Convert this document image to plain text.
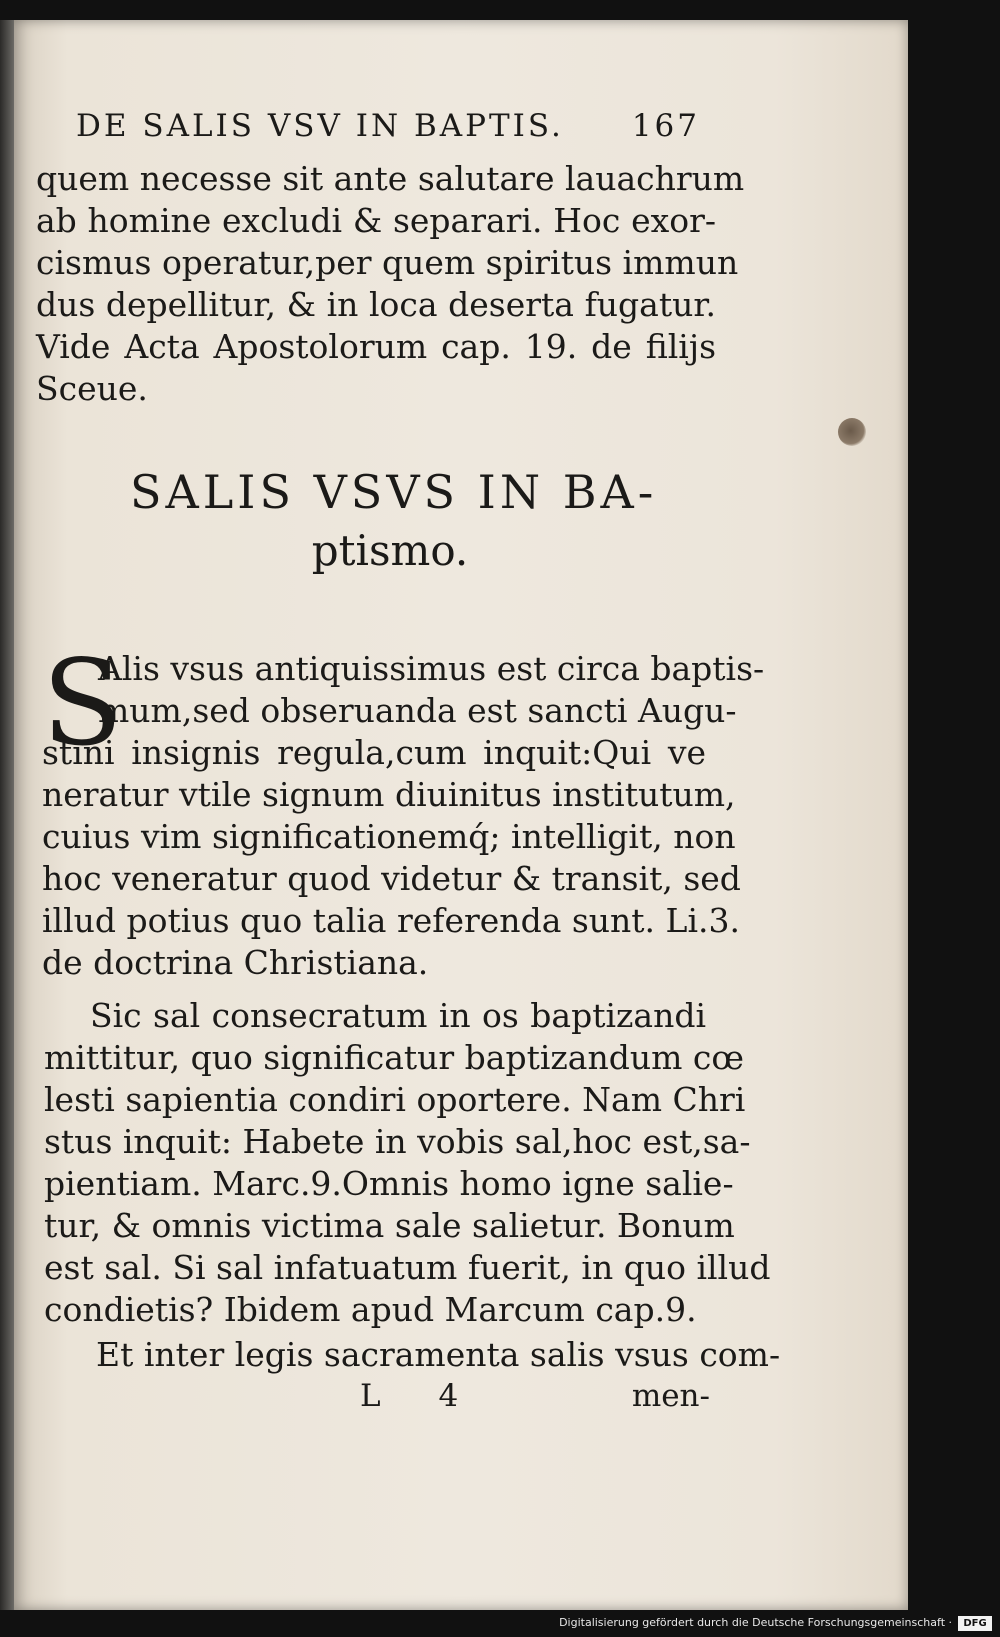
DE SALIS VSV IN BAPTIS. 167
quem necesse sit ante salutare lauachrum
ab homine excludi & separari. Hoc exor-
cismus operatur,per quem spiritus immun
dus depellitur, & in loca deserta fugatur.
Vide Acta Apostolorum cap. 19. de filijs
Sceue.
SALIS VSVS IN BA-
ptismo.
S
Alis vsus antiquissimus est circa baptis-
mum,sed obseruanda est sancti Augu-
stini insignis regula,cum inquit:Qui ve
neratur vtile signum diuinitus institutum,
cuius vim significationemq́; intelligit, non
hoc veneratur quod videtur & transit, sed
illud potius quo talia referenda sunt. Li.3.
de doctrina Christiana.
Sic sal consecratum in os baptizandi
mittitur, quo significatur baptizandum cœ
lesti sapientia condiri oportere. Nam Chri
stus inquit: Habete in vobis sal,hoc est,sa-
pientiam. Marc.9.Omnis homo igne salie-
tur, & omnis victima sale salietur. Bonum
est sal. Si sal infatuatum fuerit, in quo illud
condietis? Ibidem apud Marcum cap.9.
Et inter legis sacramenta salis vsus com-
L 4	men-
Digitalisierung gefördert durch die Deutsche Forschungsgemeinschaft ·	DFG
